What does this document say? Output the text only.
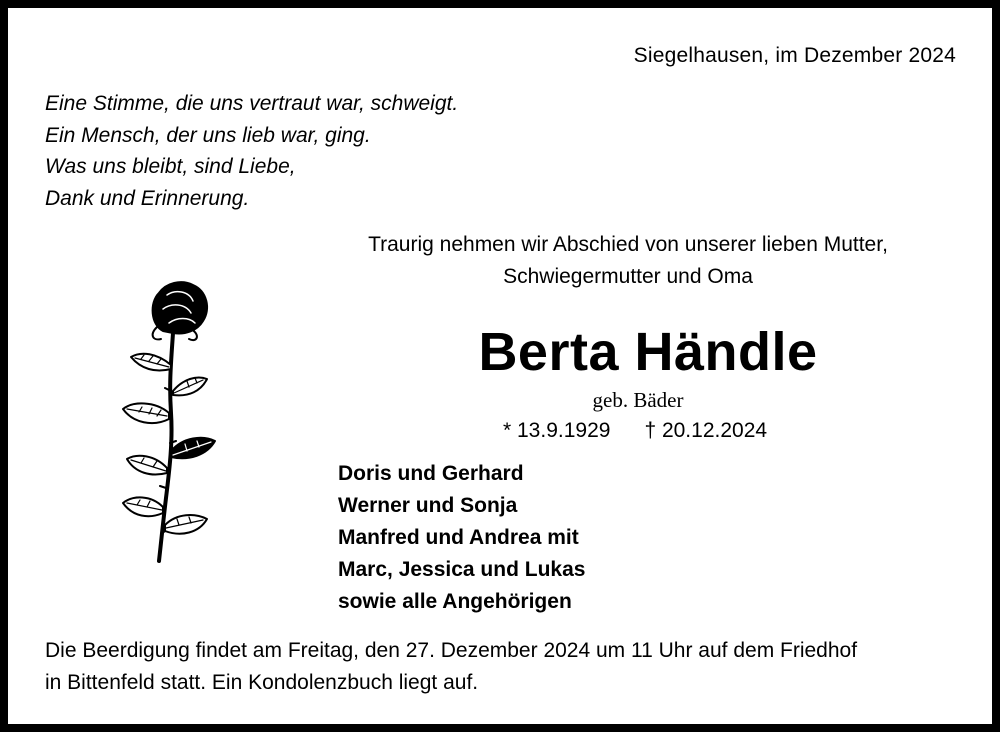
Siegelhausen, im Dezember 2024
Eine Stimme, die uns vertraut war, schweigt.
Ein Mensch, der uns lieb war, ging.
Was uns bleibt, sind Liebe,
Dank und Erinnerung.
Traurig nehmen wir Abschied von unserer lieben Mutter,
Schwiegermutter und Oma
Berta Händle
geb. Bäder
* 13.9.1929 † 20.12.2024
Doris und Gerhard
Werner und Sonja
Manfred und Andrea mit
Marc, Jessica und Lukas
sowie alle Angehörigen
Die Beerdigung findet am Freitag, den 27. Dezember 2024 um 11 Uhr auf dem Friedhof
in Bittenfeld statt. Ein Kondolenzbuch liegt auf.
